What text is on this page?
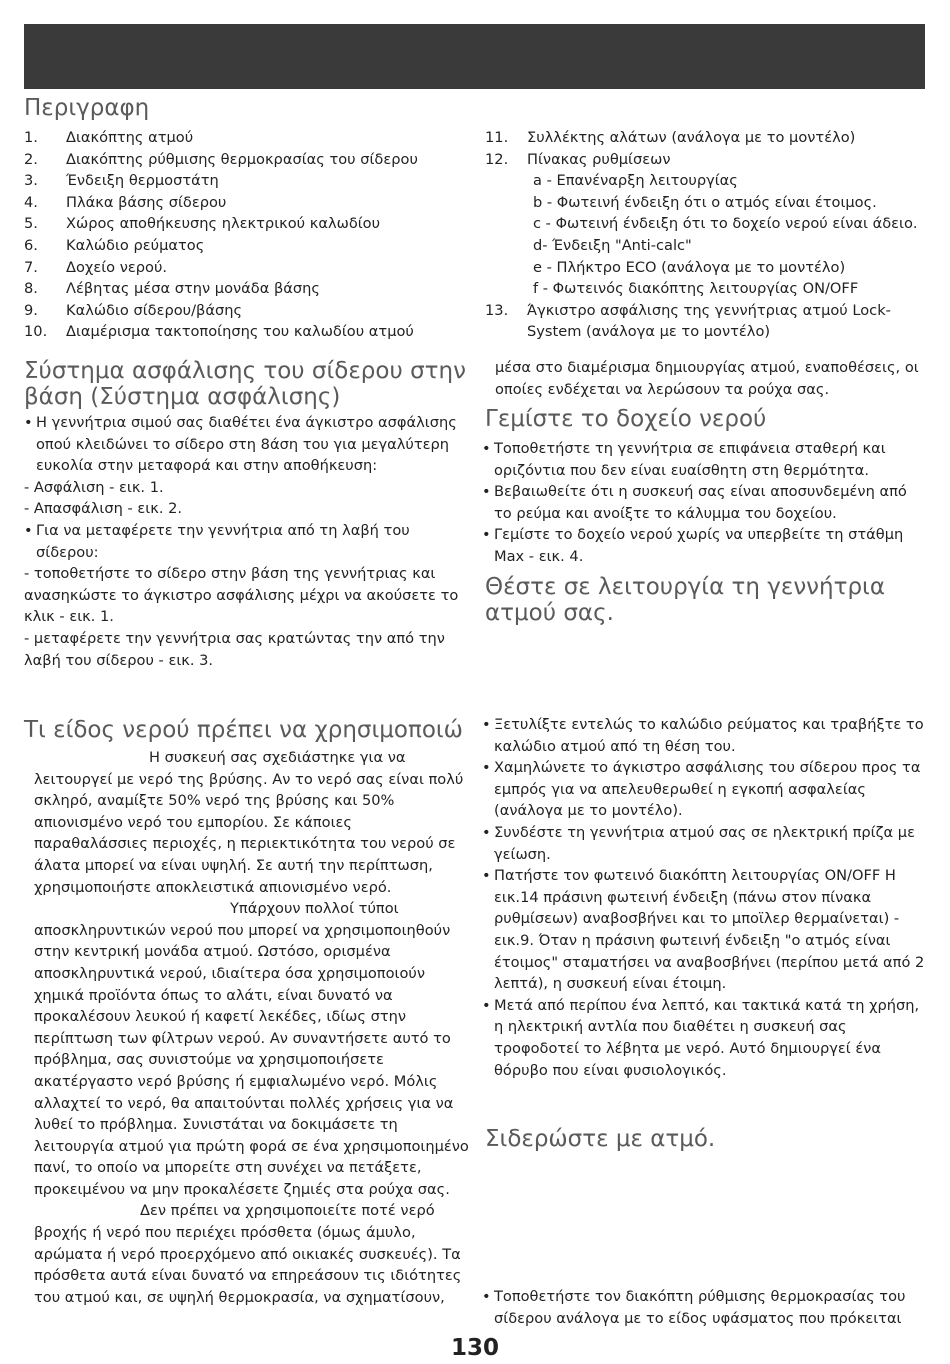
Περιγραφη
1. Διακόπτης ατμού
2. Διακόπτης ρύθμισης θερμοκρασίας του σίδερου
3. Ένδειξη θερμοστάτη
4. Πλάκα βάσης σίδερου
5. Χώρος αποθήκευσης ηλεκτρικού καλωδίου
6. Καλώδιο ρεύματος
7. Δοχείο νερού.
8. Λέβητας μέσα στην μονάδα βάσης
9. Καλώδιο σίδερου/βάσης
10. Διαμέρισμα τακτοποίησης του καλωδίου ατμού
11. Συλλέκτης αλάτων (ανάλογα με το μοντέλο)
12. Πίνακας ρυθμίσεων
a - Επανέναρξη λειτουργίας
b - Φωτεινή ένδειξη ότι ο ατμός είναι έτοιμος.
c - Φωτεινή ένδειξη ότι το δοχείο νερού είναι άδειο.
d- Ένδειξη "Anti-calc"
e - Πλήκτρο ECO (ανάλογα με το μοντέλο)
f - Φωτεινός διακόπτης λειτουργίας ON/OFF
13. Άγκιστρο ασφάλισης της γεννήτριας ατμού Lock-
System (ανάλογα με το μοντέλο)
Σύστημα ασφάλισης του σίδερου στην
βάση (Σύστημα ασφάλισης)
• Η γεννήτρια σιμού σας διαθέτει ένα άγκιστρο ασφάλισης οπού κλειδώνει το σίδερο στη 8άση του για μεγαλύτερη ευκολία στην μεταφορά και στην αποθήκευση:
- Ασφάλιση - εικ. 1.
- Απασφάλιση - εικ. 2.
• Για να μεταφέρετε την γεννήτρια από τη λαβή του σίδερου:
- τοποθετήστε το σίδερο στην βάση της γεννήτριας και ανασηκώστε το άγκιστρο ασφάλισης μέχρι να ακούσετε το κλικ - εικ. 1.
- μεταφέρετε την γεννήτρια σας κρατώντας την από την λαβή του σίδερου - εικ. 3.
μέσα στο διαμέρισμα δημιουργίας ατμού, εναποθέσεις, οι οποίες ενδέχεται να λερώσουν τα ρούχα σας.
Γεμίστε το δοχείο νερού
• Τοποθετήστε τη γεννήτρια σε επιφάνεια σταθερή και οριζόντια που δεν είναι ευαίσθητη στη θερμότητα.
• Βεβαιωθείτε ότι η συσκευή σας είναι αποσυνδεμένη από το ρεύμα και ανοίξτε το κάλυμμα του δοχείου.
• Γεμίστε το δοχείο νερού χωρίς να υπερβείτε τη στάθμη Max - εικ. 4.
Θέστε σε λειτουργία τη γεννήτρια
ατμού σας.
Τι είδος νερού πρέπει να χρησιμοποιώ
Η συσκευή σας σχεδιάστηκε για να λειτουργεί με νερό της βρύσης. Αν το νερό σας είναι πολύ σκληρό, αναμίξτε 50% νερό της βρύσης και 50% απιονισμένο νερό του εμπορίου. Σε κάποιες παραθαλάσσιες περιοχές, η περιεκτικότητα του νερού σε άλατα μπορεί να είναι υψηλή. Σε αυτή την περίπτωση, χρησιμοποιήστε αποκλειστικά απιονισμένο νερό.
Υπάρχουν πολλοί τύποι αποσκληρυντικών νερού που μπορεί να χρησιμοποιηθούν στην κεντρική μονάδα ατμού. Ωστόσο, ορισμένα αποσκληρυντικά νερού, ιδιαίτερα όσα χρησιμοποιούν χημικά προϊόντα όπως το αλάτι, είναι δυνατό να προκαλέσουν λευκού ή καφετί λεκέδες, ιδίως στην περίπτωση των φίλτρων νερού. Αν συναντήσετε αυτό το πρόβλημα, σας συνιστούμε να χρησιμοποιήσετε ακατέργαστο νερό βρύσης ή εμφιαλωμένο νερό. Μόλις αλλαχτεί το νερό, θα απαιτούνται πολλές χρήσεις για να λυθεί το πρόβλημα. Συνιστάται να δοκιμάσετε τη λειτουργία ατμού για πρώτη φορά σε ένα χρησιμοποιημένο πανί, το οποίο να μπορείτε στη συνέχει να πετάξετε, προκειμένου να μην προκαλέσετε ζημιές στα ρούχα σας.
Δεν πρέπει να χρησιμοποιείτε ποτέ νερό βροχής ή νερό που περιέχει πρόσθετα (όμως άμυλο, αρώματα ή νερό προερχόμενο από οικιακές συσκευές). Τα πρόσθετα αυτά είναι δυνατό να επηρεάσουν τις ιδιότητες του ατμού και, σε υψηλή θερμοκρασία, να σχηματίσουν,
• Ξετυλίξτε εντελώς το καλώδιο ρεύματος και τραβήξτε το καλώδιο ατμού από τη θέση του.
• Χαμηλώνετε το άγκιστρο ασφάλισης του σίδερου προς τα εμπρός για να απελευθερωθεί η εγκοπή ασφαλείας (ανάλογα με το μοντέλο).
• Συνδέστε τη γεννήτρια ατμού σας σε ηλεκτρική πρίζα με γείωση.
• Πατήστε τον φωτεινό διακόπτη λειτουργίας ON/OFF H εικ.14 πράσινη φωτεινή ένδειξη (πάνω στον πίνακα ρυθμίσεων) αναβοσβήνει και το μποϊλερ θερμαίνεται) - εικ.9. Όταν η πράσινη φωτεινή ένδειξη "ο ατμός είναι έτοιμος" σταματήσει να αναβοσβήνει (περίπου μετά από 2 λεπτά), η συσκευή είναι έτοιμη.
• Μετά από περίπου ένα λεπτό, και τακτικά κατά τη χρήση, η ηλεκτρική αντλία που διαθέτει η συσκευή σας τροφοδοτεί το λέβητα με νερό. Αυτό δημιουργεί ένα θόρυβο που είναι φυσιολογικός.
Σιδερώστε με ατμό.
• Τοποθετήστε τον διακόπτη ρύθμισης θερμοκρασίας του σίδερου ανάλογα με το είδος υφάσματος που πρόκειται
130
